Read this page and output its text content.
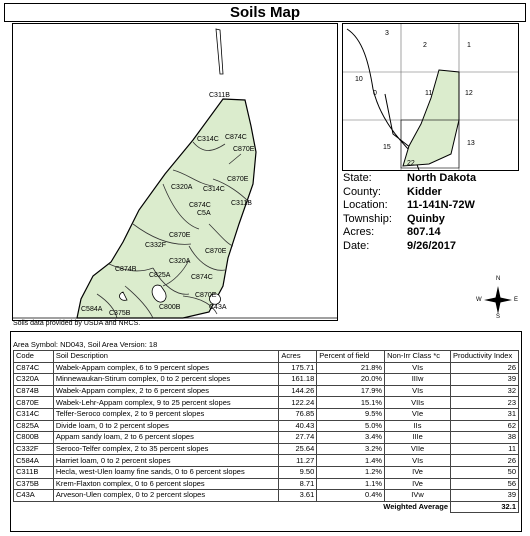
Soils Map
C311B
C314C C874C
C870E
C320A C314C
C870E
C874C	C311B
C5A
C870E
C332F
C870E
C320A
C874B
C825A	C874C
C870E
C584A	C800B
C375B
C43A
3
2	1
10
0	11	12
15
13
22
State:	North Dakota
County: Kidder
Location: 11-141N-72W
Township: Quinby
Acres:	807.14
Date:	9/26/2017
N
S
E
W
Soils data provided by USDA and NRCS.
Area Symbol: ND043, Soil Area Version: 18
Code	Soil Description	Acres	Percent of field	Non-Irr Class *c	Productivity Index
C874C	Wabek-Appam complex, 6 to 9 percent slopes	175.71	21.8%	VIs	26
C320A	Minnewaukan-Stirum complex, 0 to 2 percent slopes	161.18	20.0%	IIIw	39
C874B	Wabek-Appam complex, 2 to 6 percent slopes	144.26	17.9%	VIs	32
C870E	Wabek-Lehr-Appam complex, 9 to 25 percent slopes	122.24	15.1%	VIIs	23
C314C	Telfer-Seroco complex, 2 to 9 percent slopes	76.85	9.5%	VIe	31
C825A	Divide loam, 0 to 2 percent slopes	40.43	5.0%	IIs	62
C800B	Appam sandy loam, 2 to 6 percent slopes	27.74	3.4%	IIIe	38
C332F	Seroco-Telfer complex, 2 to 35 percent slopes	25.64	3.2%	VIIe	11
C584A	Harriet loam, 0 to 2 percent slopes	11.27	1.4%	VIs	26
C311B	Hecla, west-Ulen loamy fine sands, 0 to 6 percent slopes	9.50	1.2%	IVe	50
C375B	Krem-Flaxton complex, 0 to 6 percent slopes	8.71	1.1%	IVe	56
C43A	Arveson-Ulen complex, 0 to 2 percent slopes	3.61	0.4%	IVw	39
Weighted Average					32.1
